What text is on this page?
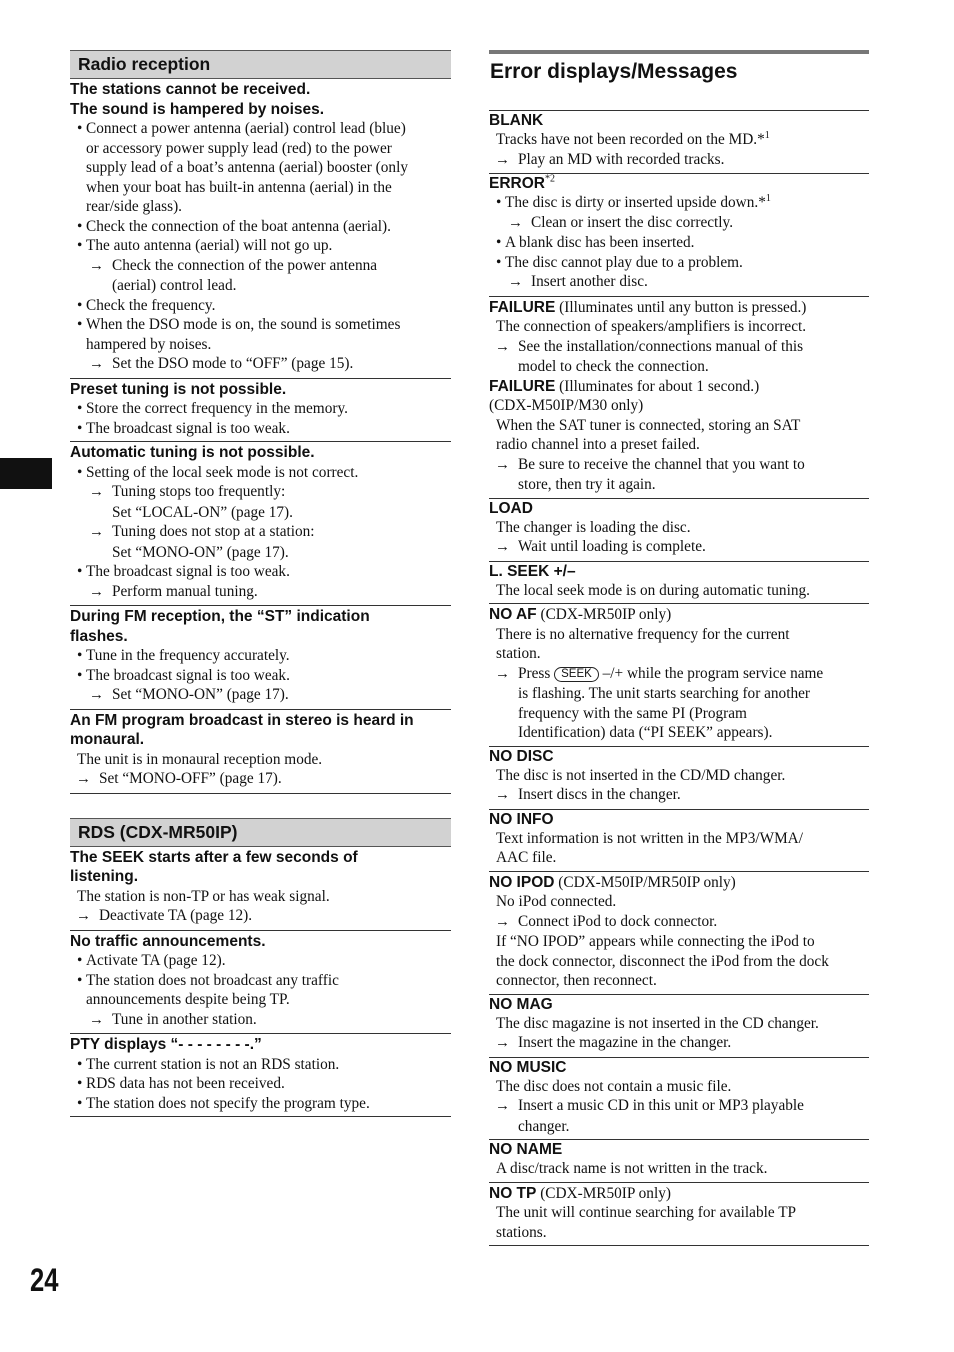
Radio reception
The stations cannot be received.
The sound is hampered by noises.
• Connect a power antenna (aerial) control lead (blue)
or accessory power supply lead (red) to the power
supply lead of a boat’s antenna (aerial) booster (only
when your boat has built-in antenna (aerial) in the
rear/side glass).
• Check the connection of the boat antenna (aerial).
• The auto antenna (aerial) will not go up.
→Check the connection of the power antenna
(aerial) control lead.
• Check the frequency.
• When the DSO mode is on, the sound is sometimes
hampered by noises.
→Set the DSO mode to “OFF” (page 15).
Preset tuning is not possible.
• Store the correct frequency in the memory.
• The broadcast signal is too weak.
Automatic tuning is not possible.
• Setting of the local seek mode is not correct.
→Tuning stops too frequently:
Set “LOCAL-ON” (page 17).
→Tuning does not stop at a station:
Set “MONO-ON” (page 17).
• The broadcast signal is too weak.
→Perform manual tuning.
During FM reception, the “ST” indication
flashes.
• Tune in the frequency accurately.
• The broadcast signal is too weak.
→Set “MONO-ON” (page 17).
An FM program broadcast in stereo is heard in
monaural.
The unit is in monaural reception mode.
→Set “MONO-OFF” (page 17).
RDS (CDX-MR50IP)
The SEEK starts after a few seconds of
listening.
The station is non-TP or has weak signal.
→Deactivate TA (page 12).
No traffic announcements.
• Activate TA (page 12).
• The station does not broadcast any traffic
announcements despite being TP.
→Tune in another station.
PTY displays “- - - - - - - -.”
• The current station is not an RDS station.
• RDS data has not been received.
• The station does not specify the program type.
Error displays/Messages
BLANK
Tracks have not been recorded on the MD.*$^1$
→Play an MD with recorded tracks.
ERROR$^{*2}$
• The disc is dirty or inserted upside down.*$^1$
→Clean or insert the disc correctly.
• A blank disc has been inserted.
• The disc cannot play due to a problem.
→Insert another disc.
FAILURE (Illuminates until any button is pressed.)
The connection of speakers/amplifiers is incorrect.
→See the installation/connections manual of this
model to check the connection.
FAILURE (Illuminates for about 1 second.)
(CDX-M50IP/M30 only)
When the SAT tuner is connected, storing an SAT
radio channel into a preset failed.
→Be sure to receive the channel that you want to
store, then try it again.
LOAD
The changer is loading the disc.
→Wait until loading is complete.
L. SEEK +/–
The local seek mode is on during automatic tuning.
NO AF (CDX-MR50IP only)
There is no alternative frequency for the current
station.
→Press SEEK –/+ while the program service name
is flashing. The unit starts searching for another
frequency with the same PI (Program
Identification) data (“PI SEEK” appears).
NO DISC
The disc is not inserted in the CD/MD changer.
→Insert discs in the changer.
NO INFO
Text information is not written in the MP3/WMA/
AAC file.
NO IPOD (CDX-M50IP/MR50IP only)
No iPod connected.
→Connect iPod to dock connector.
If “NO IPOD” appears while connecting the iPod to
the dock connector, disconnect the iPod from the dock
connector, then reconnect.
NO MAG
The disc magazine is not inserted in the CD changer.
→Insert the magazine in the changer.
NO MUSIC
The disc does not contain a music file.
→Insert a music CD in this unit or MP3 playable
changer.
NO NAME
A disc/track name is not written in the track.
NO TP (CDX-MR50IP only)
The unit will continue searching for available TP
stations.
24
